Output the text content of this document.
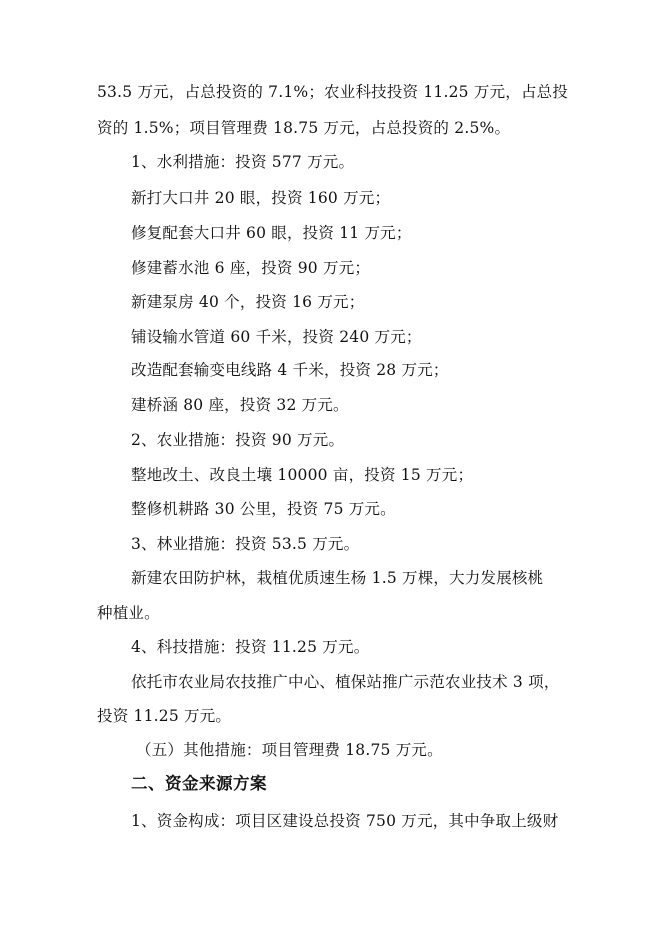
53.5 万元，占总投资的 7.1%；农业科技投资 11.25 万元，占总投
资的 1.5%；项目管理费 18.75 万元，占总投资的 2.5%。
1、水利措施：投资 577 万元。
新打大口井 20 眼，投资 160 万元；
修复配套大口井 60 眼，投资 11 万元；
修建蓄水池 6 座，投资 90 万元；
新建泵房 40 个，投资 16 万元；
铺设输水管道 60 千米，投资 240 万元；
改造配套输变电线路 4 千米，投资 28 万元；
建桥涵 80 座，投资 32 万元。
2、农业措施：投资 90 万元。
整地改土、改良土壤 10000 亩，投资 15 万元；
整修机耕路 30 公里，投资 75 万元。
3、林业措施：投资 53.5 万元。
新建农田防护林，栽植优质速生杨 1.5 万棵，大力发展核桃
种植业。
4、科技措施：投资 11.25 万元。
依托市农业局农技推广中心、植保站推广示范农业技术 3 项，
投资 11.25 万元。
（五）其他措施：项目管理费 18.75 万元。
二、资金来源方案
1、资金构成：项目区建设总投资 750 万元，其中争取上级财
